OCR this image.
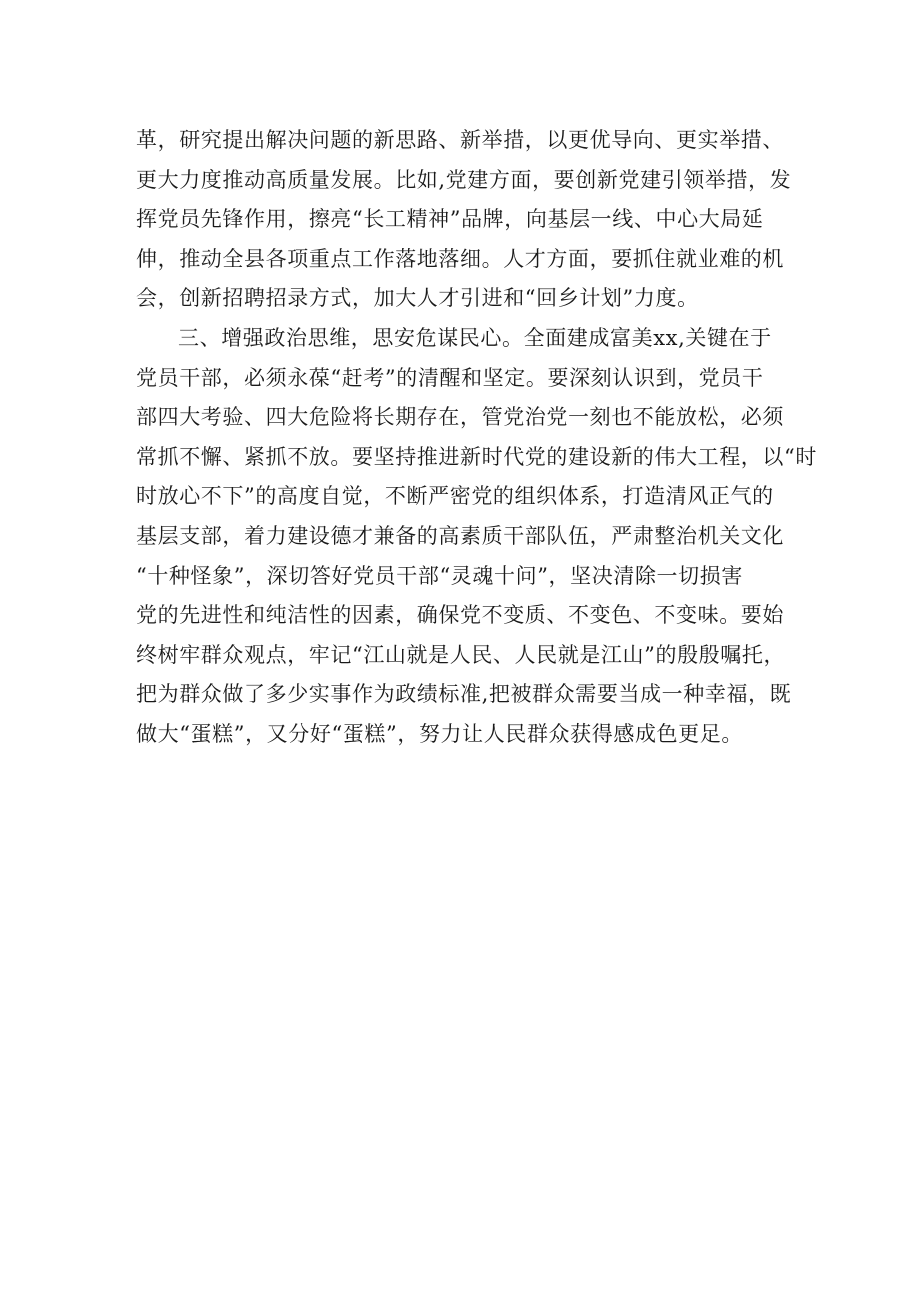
革，研究提出解决问题的新思路、新举措，以更优导向、更实举措、
更大力度推动高质量发展。比如,党建方面，要创新党建引领举措，发
挥党员先锋作用，擦亮“长工精神”品牌，向基层一线、中心大局延
伸，推动全县各项重点工作落地落细。人才方面，要抓住就业难的机
会，创新招聘招录方式，加大人才引进和“回乡计划”力度。
三、增强政治思维，思安危谋民心。全面建成富美xx,关键在于
党员干部，必须永葆“赶考”的清醒和坚定。要深刻认识到，党员干
部四大考验、四大危险将长期存在，管党治党一刻也不能放松，必须
常抓不懈、紧抓不放。要坚持推进新时代党的建设新的伟大工程，以“时
时放心不下”的高度自觉，不断严密党的组织体系，打造清风正气的
基层支部，着力建设德才兼备的高素质干部队伍，严肃整治机关文化
“十种怪象”，深切答好党员干部“灵魂十问”，坚决清除一切损害
党的先进性和纯洁性的因素，确保党不变质、不变色、不变味。要始
终树牢群众观点，牢记“江山就是人民、人民就是江山”的殷殷嘱托，
把为群众做了多少实事作为政绩标准,把被群众需要当成一种幸福，既
做大“蛋糕”，又分好“蛋糕”，努力让人民群众获得感成色更足。
